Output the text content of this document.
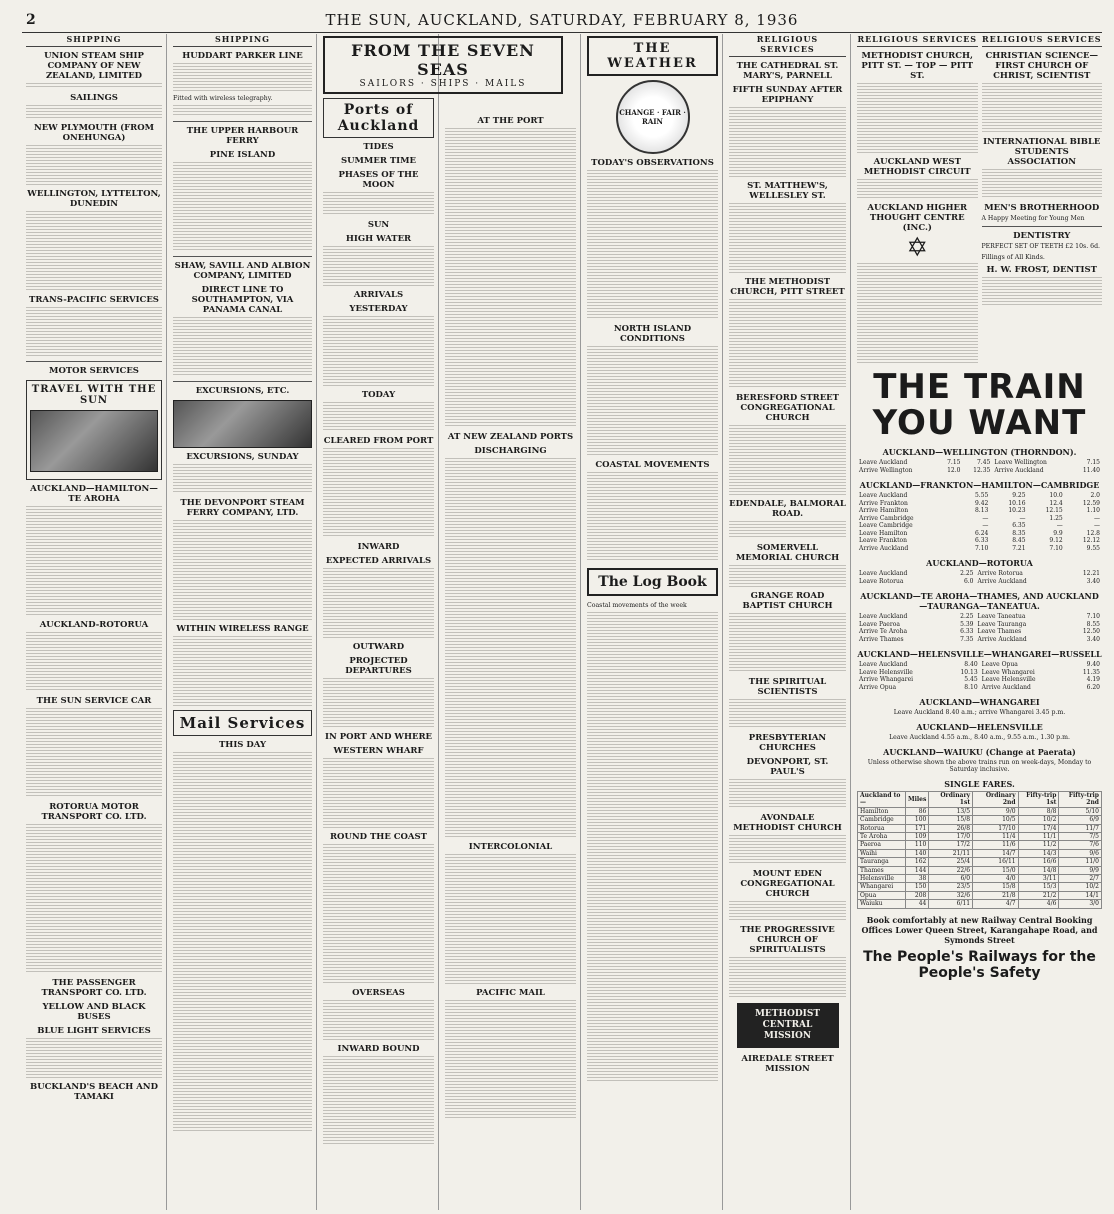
2	THE SUN, AUCKLAND, SATURDAY, FEBRUARY 8, 1936
SHIPPING
UNION STEAM SHIP COMPANY OF NEW ZEALAND, LIMITED
SAILINGS
NEW PLYMOUTH (FROM ONEHUNGA)
WELLINGTON, LYTTELTON, DUNEDIN
TRANS-PACIFIC SERVICES
MOTOR SERVICES
TRAVEL WITH THE SUN
AUCKLAND—HAMILTON—TE AROHA
AUCKLAND-ROTORUA
THE SUN SERVICE CAR
ROTORUA MOTOR TRANSPORT CO. LTD.
THE PASSENGER TRANSPORT CO. LTD.
YELLOW AND BLACK BUSES
BLUE LIGHT SERVICES
BUCKLAND'S BEACH AND TAMAKI
SHIPPING
HUDDART PARKER LINE

Fitted with wireless telegraphy.

THE UPPER HARBOUR FERRY
PINE ISLAND
SHAW, SAVILL AND ALBION COMPANY, LIMITED
DIRECT LINE TO SOUTHAMPTON, VIA PANAMA CANAL
EXCURSIONS, ETC.
EXCURSIONS, SUNDAY
THE DEVONPORT STEAM FERRY COMPANY, LTD.
WITHIN WIRELESS RANGE
Mail Services
THIS DAY
FROM THE SEVEN SEAS
SAILORS · SHIPS · MAILS
Ports of Auckland
TIDES
SUMMER TIME
PHASES OF THE MOON
SUN
HIGH WATER
ARRIVALS
YESTERDAY
TODAY
CLEARED FROM PORT
INWARD
EXPECTED ARRIVALS
OUTWARD
PROJECTED DEPARTURES
IN PORT AND WHERE
WESTERN WHARF
ROUND THE COAST
OVERSEAS
INWARD BOUND
AT THE PORT
AT NEW ZEALAND PORTS
DISCHARGING
INTERCOLONIAL
PACIFIC MAIL
THE WEATHER
CHANGE · FAIR · RAIN
TODAY'S OBSERVATIONS
NORTH ISLAND CONDITIONS
COASTAL MOVEMENTS
The Log Book

Coastal movements of the week

RELIGIOUS SERVICES
THE CATHEDRAL ST. MARY'S, PARNELL
FIFTH SUNDAY AFTER EPIPHANY
ST. MATTHEW'S, WELLESLEY ST.
THE METHODIST CHURCH, PITT STREET
BERESFORD STREET CONGREGATIONAL CHURCH
EDENDALE, BALMORAL ROAD.
SOMERVELL MEMORIAL CHURCH
GRANGE ROAD BAPTIST CHURCH
THE SPIRITUAL SCIENTISTS
PRESBYTERIAN CHURCHES
DEVONPORT, ST. PAUL'S
AVONDALE METHODIST CHURCH
MOUNT EDEN CONGREGATIONAL CHURCH
THE PROGRESSIVE CHURCH OF SPIRITUALISTS
METHODIST CENTRAL MISSION
AIREDALE STREET MISSION
RELIGIOUS SERVICES
METHODIST CHURCH, PITT ST. — TOP — PITT ST.
AUCKLAND WEST METHODIST CIRCUIT
AUCKLAND HIGHER THOUGHT CENTRE (INC.)
✡
RELIGIOUS SERVICES
CHRISTIAN SCIENCE—FIRST CHURCH OF CHRIST, SCIENTIST
INTERNATIONAL BIBLE STUDENTS ASSOCIATION
MEN'S BROTHERHOOD

A Happy Meeting for Young Men

DENTISTRY

PERFECT SET OF TEETH £2 10s. 6d.

Fillings of All Kinds.

H. W. FROST, DENTIST
THE TRAIN
YOU WANT
AUCKLAND—WELLINGTON (THORNDON).
Leave Auckland	7.15	7.45	Leave Wellington	7.15
Arrive Wellington	12.0	12.35	Arrive Auckland	11.40
AUCKLAND—FRANKTON—HAMILTON—CAMBRIDGE
Leave Auckland	5.55	9.25	10.0	2.0
Arrive Frankton	9.42	10.16	12.4	12.59
Arrive Hamilton	8.13	10.23	12.15	1.10
Arrive Cambridge	—	—	1.25	—
Leave Cambridge	—	6.35	—	—
Leave Hamilton	6.24	8.35	9.9	12.8
Leave Frankton	6.33	8.45	9.12	12.12
Arrive Auckland	7.10	7.21	7.10	9.55
AUCKLAND—ROTORUA
Leave Auckland	2.25	Arrive Rotorua	12.21
Leave Rotorua	6.0	Arrive Auckland	3.40
AUCKLAND—TE AROHA—THAMES, AND AUCKLAND—TAURANGA—TANEATUA.
Leave Auckland	2.25	Leave Taneatua	7.10
Leave Paeroa	5.39	Leave Tauranga	8.55
Arrive Te Aroha	6.33	Leave Thames	12.50
Arrive Thames	7.35	Arrive Auckland	3.40
AUCKLAND—HELENSVILLE—WHANGAREI—RUSSELL
Leave Auckland	8.40	Leave Opua	9.40
Leave Helensville	10.13	Leave Whangarei	11.35
Arrive Whangarei	5.45	Leave Helensville	4.19
Arrive Opua	8.10	Arrive Auckland	6.20
AUCKLAND—WHANGAREI

Leave Auckland 8.40 a.m.; arrive Whangarei 3.45 p.m.

AUCKLAND—HELENSVILLE

Leave Auckland 4.55 a.m., 8.40 a.m., 9.55 a.m., 1.30 p.m.

AUCKLAND—WAIUKU (Change at Paerata)

Unless otherwise shown the above trains run on week-days, Monday to Saturday inclusive.

SINGLE FARES.
Auckland to—	Miles	Ordinary 1st	Ordinary 2nd	Fifty-trip 1st	Fifty-trip 2nd
Hamilton	86	13/5	9/0	8/8	5/10
Cambridge	100	15/8	10/5	10/2	6/9
Rotorua	171	26/8	17/10	17/4	11/7
Te Aroha	109	17/0	11/4	11/1	7/5
Paeroa	110	17/2	11/6	11/2	7/6
Waihi	140	21/11	14/7	14/3	9/6
Tauranga	162	25/4	16/11	16/6	11/0
Thames	144	22/6	15/0	14/8	9/9
Helensville	38	6/0	4/0	3/11	2/7
Whangarei	150	23/5	15/8	15/3	10/2
Opua	208	32/6	21/8	21/2	14/1
Waiuku	44	6/11	4/7	4/6	3/0
Book comfortably at new Railway Central Booking Offices Lower Queen Street, Karangahape Road, and Symonds Street
The People's Railways for the People's Safety
